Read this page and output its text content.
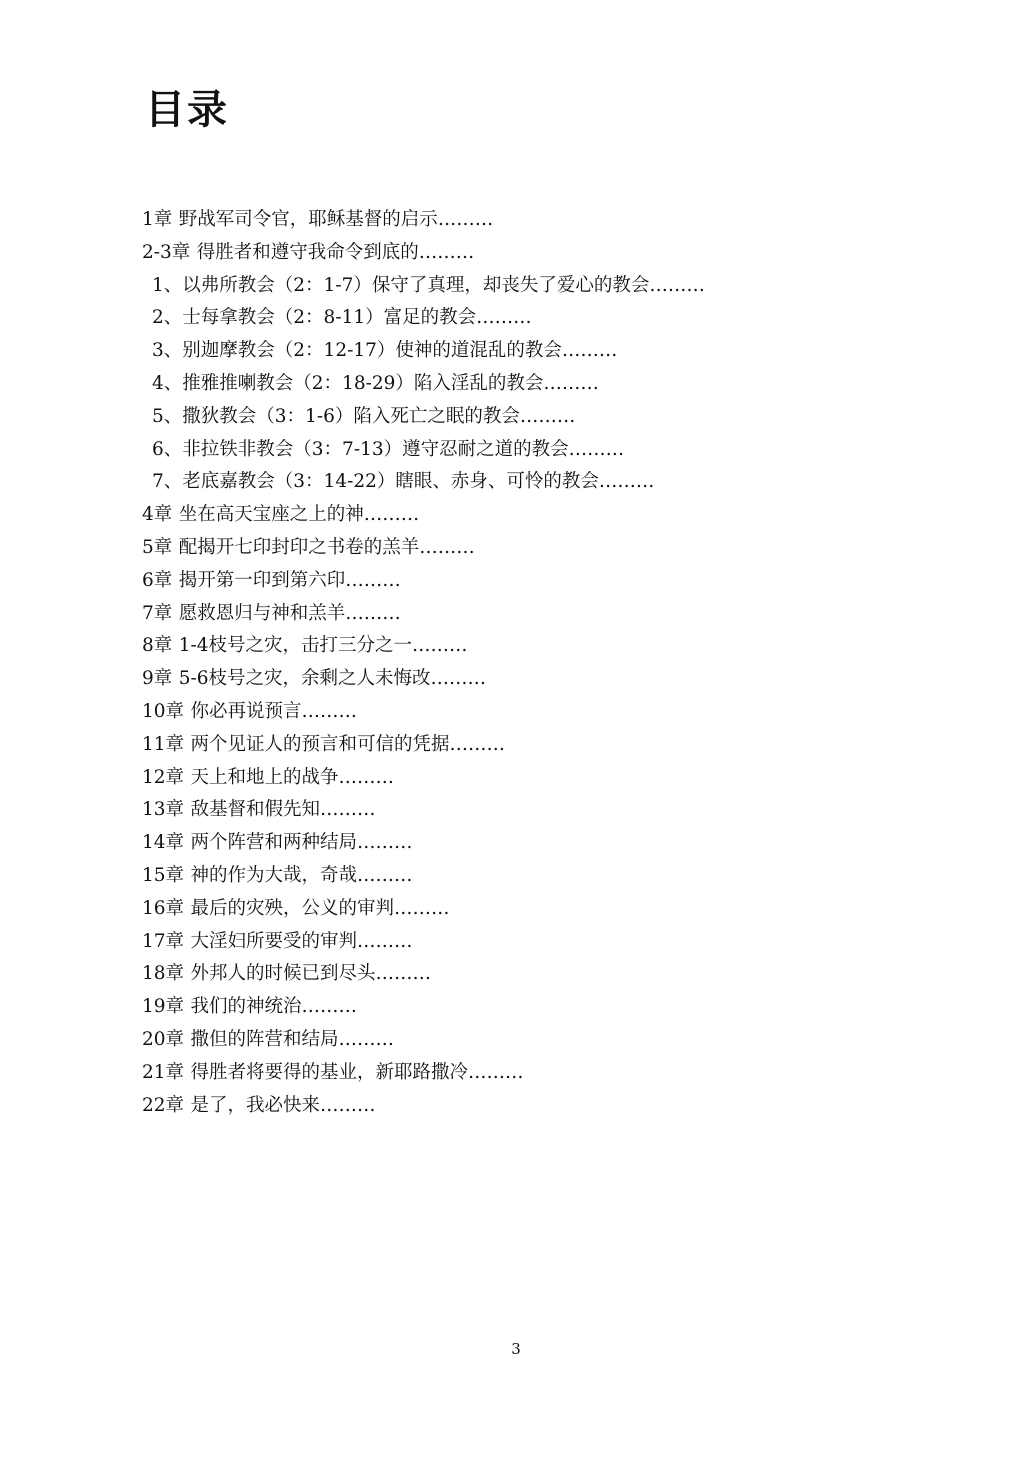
目录
1章 野战军司令官，耶稣基督的启示………
2-3章 得胜者和遵守我命令到底的………
1、以弗所教会（2：1-7）保守了真理，却丧失了爱心的教会………
2、士每拿教会（2：8-11）富足的教会………
3、别迦摩教会（2：12-17）使神的道混乱的教会………
4、推雅推喇教会（2：18-29）陷入淫乱的教会………
5、撒狄教会（3：1-6）陷入死亡之眠的教会………
6、非拉铁非教会（3：7-13）遵守忍耐之道的教会………
7、老底嘉教会（3：14-22）瞎眼、赤身、可怜的教会………
4章 坐在高天宝座之上的神………
5章 配揭开七印封印之书卷的羔羊………
6章 揭开第一印到第六印………
7章 愿救恩归与神和羔羊………
8章 1-4枝号之灾，击打三分之一………
9章 5-6枝号之灾，余剩之人未悔改………
10章 你必再说预言………
11章 两个见证人的预言和可信的凭据………
12章 天上和地上的战争………
13章 敌基督和假先知………
14章 两个阵营和两种结局………
15章 神的作为大哉，奇哉………
16章 最后的灾殃，公义的审判………
17章 大淫妇所要受的审判………
18章 外邦人的时候已到尽头………
19章 我们的神统治………
20章 撒但的阵营和结局………
21章 得胜者将要得的基业，新耶路撒冷………
22章 是了，我必快来………
3
